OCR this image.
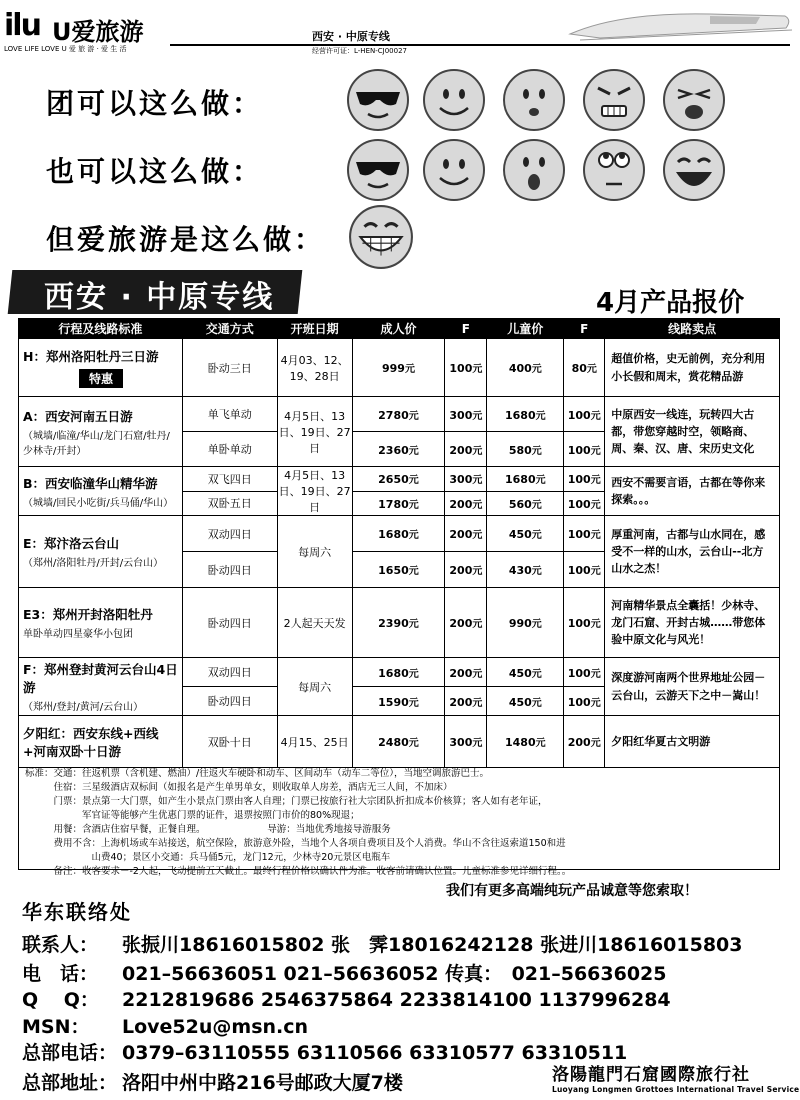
ilu U爱旅游
LOVE LIFE LOVE U 爱 旅 游 · 爱 生 活
西安 · 中原专线
经营许可证：L-HEN-CJ00027
团可以这么做：
也可以这么做：
但爱旅游是这么做：
西安 · 中原专线	4月产品报价
行程及线路标准	交通方式	开班日期	成人价	F	儿童价	F	线路卖点

H：郑州洛阳牡丹三日游
特惠	卧动三日	4月03、12、19、28日	999元	100元	400元	80元	超值价格，史无前例，充分利用小长假和周末，赏花精品游

A：西安河南五日游
（城墙/临潼/华山/龙门石窟/牡丹/少林寺/开封）	单飞单动	4月5日、13日、19日、27日	2780元	300元	1680元	100元	中原西安一线连，玩转四大古都，带您穿越时空，领略商、周、秦、汉、唐、宋历史文化
	单卧单动		2360元	200元	580元	100元	

B：西安临潼华山精华游
（城墙/回民小吃街/兵马俑/华山）	双飞四日	4月5日、13日、19日、27日	2650元	300元	1680元	100元	西安不需要言语，古都在等你来探索。。。
	双卧五日		1780元	200元	560元	100元	

E：郑汴洛云台山
（郑州/洛阳牡丹/开封/云台山）	双动四日	每周六	1680元	200元	450元	100元	厚重河南，古都与山水同在，感受不一样的山水，云台山--北方山水之杰！
	卧动四日		1650元	200元	430元	100元	

E3：郑州开封洛阳牡丹
单卧单动四星豪华小包团	卧动四日	2人起天天发	2390元	200元	990元	100元	河南精华景点全囊括！少林寺、龙门石窟、开封古城……带您体验中原文化与风光！

F：郑州登封黄河云台山4日游
（郑州/登封/黄河/云台山）	双动四日	每周六	1680元	200元	450元	100元	深度游河南两个世界地址公园－云台山，云游天下之中－嵩山！
	卧动四日		1590元	200元	450元	100元	

夕阳红：西安东线+西线+河南双卧十日游	双卧十日	4月15、25日	2480元	300元	1480元	200元	夕阳红华夏古文明游
标准：交通：往返机票（含机建、燃油）/往返火车硬卧和动车、区间动车（动车二等位），当地空调旅游巴士。
　　　住宿：三星级酒店双标间（如报名是产生单男单女，则收取单人房差，酒店无三人间，不加床）
　　　门票：景点第一大门票，如产生小景点门票由客人自理；门票已按旅行社大宗团队折扣成本价核算；客人如有老年证，
　　　　　　军官证等能够产生优惠门票的证件，退票按照门市价的80%现退；
　　　用餐：含酒店住宿早餐，正餐自理。　　　　　　　导游：当地优秀地接导游服务
　　　费用不含：上海机场或车站接送，航空保险，旅游意外险，当地个人各项自费项目及个人消费。华山不含往返索道150和进
　　　　　　　山费40；景区小交通：兵马俑5元，龙门12元，少林寺20元景区电瓶车
　　　备注：收客要求－-2人起，飞动提前五天截止。最终行程价格以确认件为准。收客前请确认位置。儿童标准参见详细行程。。
我们有更多高端纯玩产品诚意等您索取！
华东联络处
联系人： 张振川18616015802 张　霁18016242128 张进川18616015803
电　话： 021–56636051 021–56636052 传真：　021–56636025
Q　 Q： 2212819686 2546375864 2233814100 1137996284
MSN： Love52u@msn.cn
总部电话： 0379–63110555 63110566 63310577 63310511
总部地址： 洛阳中州中路216号邮政大厦7楼	洛陽龍門石窟國際旅行社
Luoyang Longmen Grottoes International Travel Service
